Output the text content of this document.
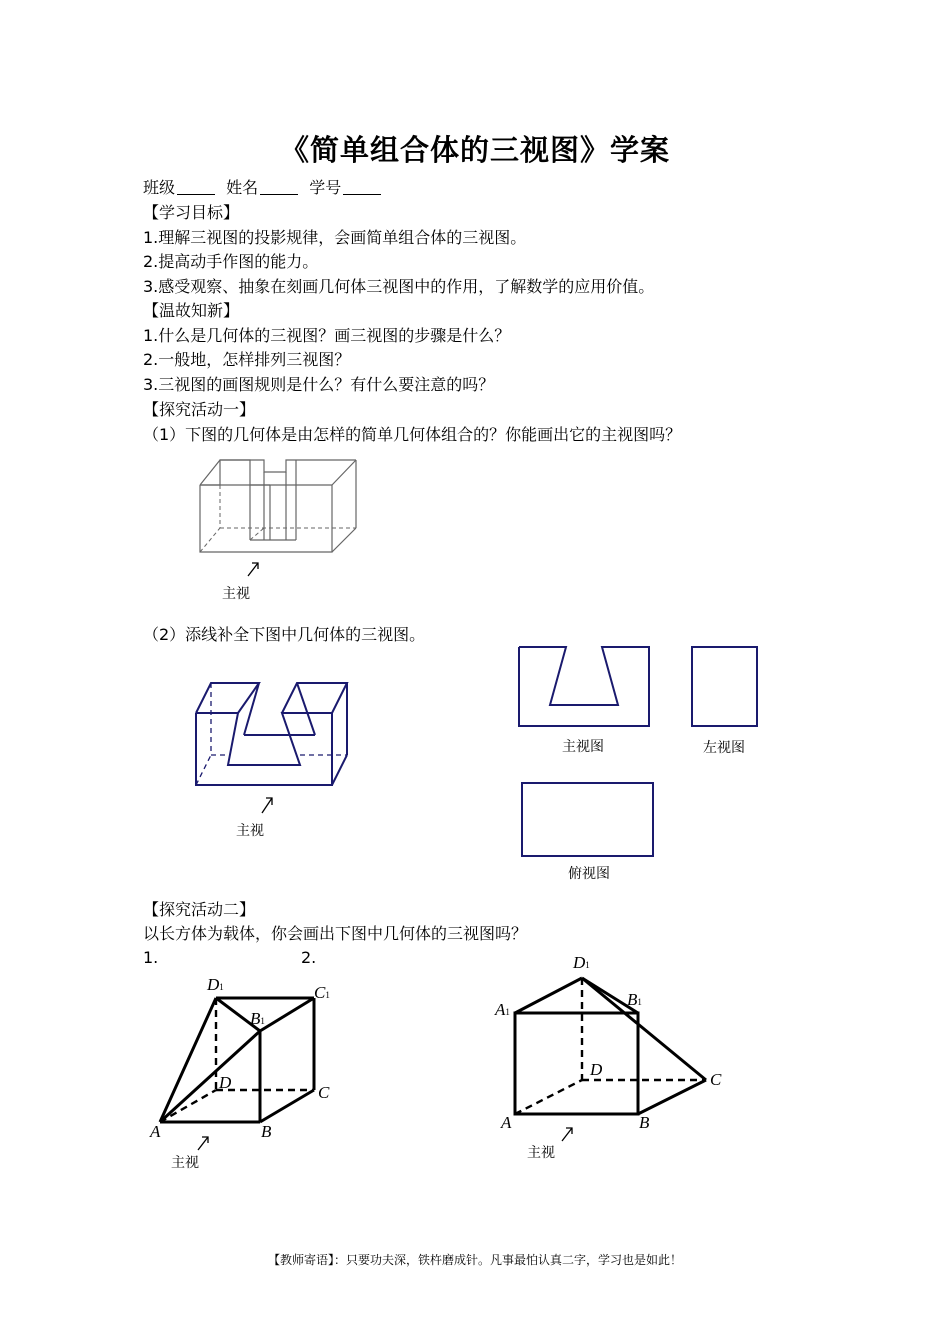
《简单组合体的三视图》学案
班级	姓名	学号
【学习目标】
1.理解三视图的投影规律，会画简单组合体的三视图。
2.提高动手作图的能力。
3.感受观察、抽象在刻画几何体三视图中的作用，了解数学的应用价值。
【温故知新】
1.什么是几何体的三视图？画三视图的步骤是什么？
2.一般地，怎样排列三视图？
3.三视图的画图规则是什么？有什么要注意的吗？
【探究活动一】
（1）下图的几何体是由怎样的简单几何体组合的？你能画出它的主视图吗？
主视
（2）添线补全下图中几何体的三视图。
主视
主视图	左视图
俯视图
【探究活动二】
以长方体为载体，你会画出下图中几何体的三视图吗？
1.	2.
D1	C1
B1
D
C
A	B
主视
D1
A1
B1
D
C
A	B
主视
【教师寄语】：只要功夫深，铁杵磨成针。凡事最怕认真二字，学习也是如此！
